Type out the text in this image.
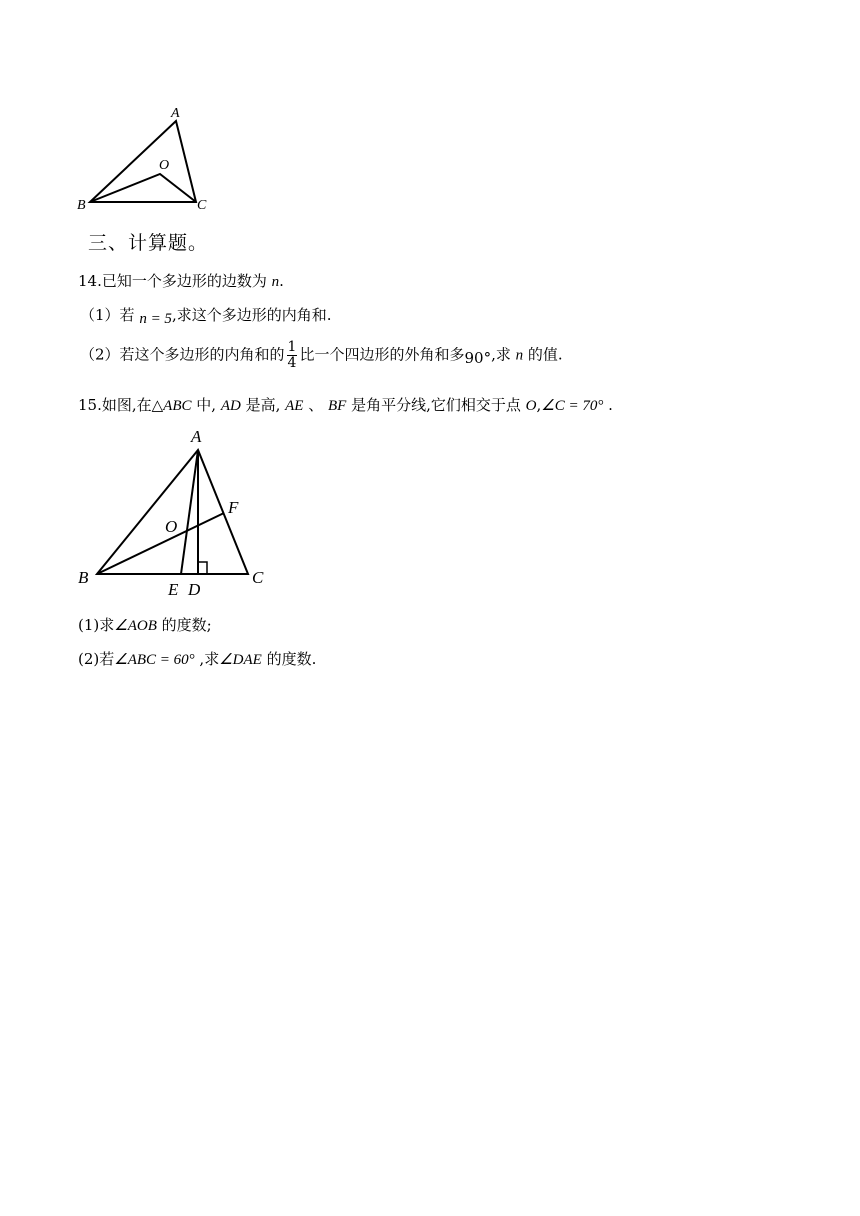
A
O
B	C
三、计算题。
14.已知一个多边形的边数为 n.
（1）若 n = 5,求这个多边形的内角和.
（2）若这个多边形的内角和的 $\frac{1}{4}$ 比一个四边形的外角和多90°,求 n 的值.
15.如图,在△ABC 中, AD 是高, AE 、 BF 是角平分线,它们相交于点 O,∠C = 70° .
A
F
O
B
E D
C
(1)求∠AOB 的度数;
(2)若∠ABC = 60° ,求∠DAE 的度数.
